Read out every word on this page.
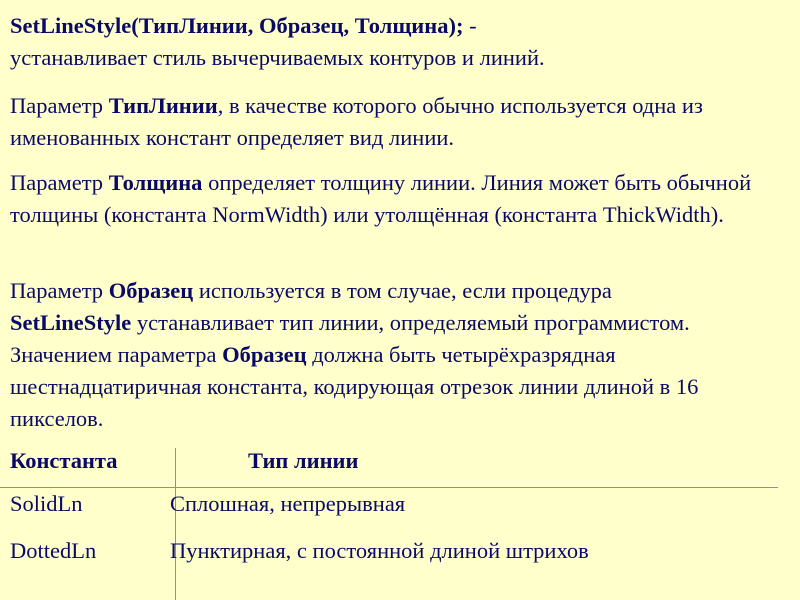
SetLineStyle(ТипЛинии, Образец, Толщина); -
устанавливает стиль вычерчиваемых контуров и линий.
Параметр ТипЛинии, в качестве которого обычно используется одна из именованных констант определяет вид линии.
Параметр Толщина определяет толщину линии. Линия может быть обычной толщины (константа NormWidth) или утолщённая (константа ThickWidth).
Параметр Образец используется в том случае, если процедура
SetLineStyle устанавливает тип линии, определяемый программистом. Значением параметра Образец должна быть четырёхразрядная шестнадцатиричная константа, кодирующая отрезок линии длиной в 16 пикселов.
Константа	Тип линии
SolidLn	Сплошная, непрерывная
DottedLn	Пунктирная, с постоянной длиной штрихов
